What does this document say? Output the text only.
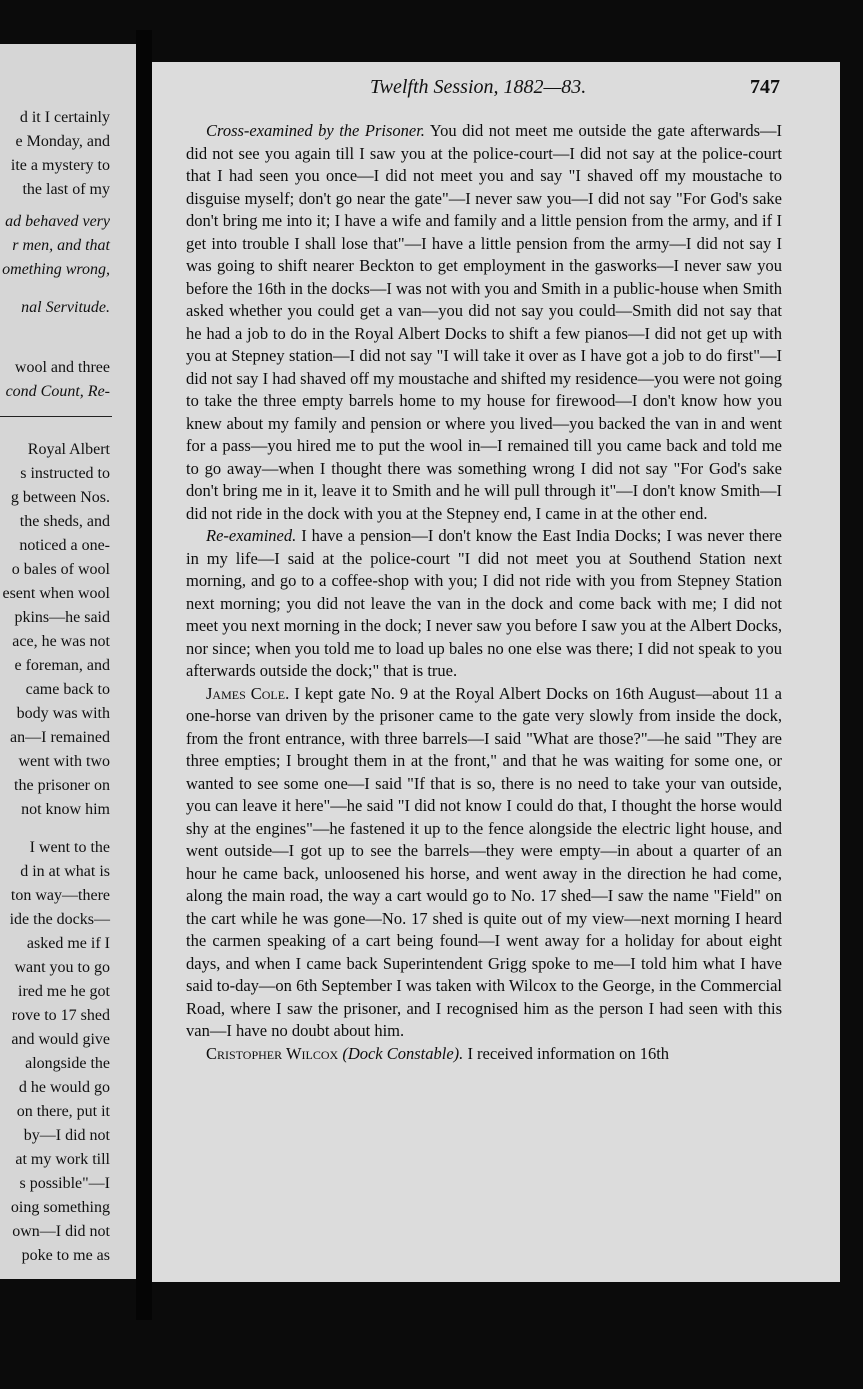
d it I certainly
e Monday, and
ite a mystery to
the last of my
ad behaved very
r men, and that
omething wrong,
nal Servitude.
wool and three
cond Count, Re-
Royal Albert
s instructed to
g between Nos.
the sheds, and
noticed a one-
o bales of wool
esent when wool
pkins—he said
ace, he was not
e foreman, and
came back to
body was with
an—I remained
went with two
the prisoner on
not know him
I went to the
d in at what is
ton way—there
ide the docks—
asked me if I
want you to go
ired me he got
rove to 17 shed
and would give
alongside the
d he would go
on there, put it
by—I did not
at my work till
s possible"—I
oing something
own—I did not
poke to me as
Twelfth Session, 1882—83.	747

Cross-examined by the Prisoner. You did not meet me outside the gate afterwards—I did not see you again till I saw you at the police-court—I did not say at the police-court that I had seen you once—I did not meet you and say "I shaved off my moustache to disguise myself; don't go near the gate"—I never saw you—I did not say "For God's sake don't bring me into it; I have a wife and family and a little pension from the army, and if I get into trouble I shall lose that"—I have a little pension from the army—I did not say I was going to shift nearer Beckton to get employment in the gasworks—I never saw you before the 16th in the docks—I was not with you and Smith in a public-house when Smith asked whether you could get a van—you did not say you could—Smith did not say that he had a job to do in the Royal Albert Docks to shift a few pianos—I did not get up with you at Stepney station—I did not say "I will take it over as I have got a job to do first"—I did not say I had shaved off my moustache and shifted my residence—you were not going to take the three empty barrels home to my house for firewood—I don't know how you knew about my family and pension or where you lived—you backed the van in and went for a pass—you hired me to put the wool in—I remained till you came back and told me to go away—when I thought there was something wrong I did not say "For God's sake don't bring me in it, leave it to Smith and he will pull through it"—I don't know Smith—I did not ride in the dock with you at the Stepney end, I came in at the other end.

Re-examined. I have a pension—I don't know the East India Docks; I was never there in my life—I said at the police-court "I did not meet you at Southend Station next morning, and go to a coffee-shop with you; I did not ride with you from Stepney Station next morning; you did not leave the van in the dock and come back with me; I did not meet you next morning in the dock; I never saw you before I saw you at the Albert Docks, nor since; when you told me to load up bales no one else was there; I did not speak to you afterwards outside the dock;" that is true.

James Cole. I kept gate No. 9 at the Royal Albert Docks on 16th August—about 11 a one-horse van driven by the prisoner came to the gate very slowly from inside the dock, from the front entrance, with three barrels—I said "What are those?"—he said "They are three empties; I brought them in at the front," and that he was waiting for some one, or wanted to see some one—I said "If that is so, there is no need to take your van outside, you can leave it here"—he said "I did not know I could do that, I thought the horse would shy at the engines"—he fastened it up to the fence alongside the electric light house, and went outside—I got up to see the barrels—they were empty—in about a quarter of an hour he came back, unloosened his horse, and went away in the direction he had come, along the main road, the way a cart would go to No. 17 shed—I saw the name "Field" on the cart while he was gone—No. 17 shed is quite out of my view—next morning I heard the carmen speaking of a cart being found—I went away for a holiday for about eight days, and when I came back Superintendent Grigg spoke to me—I told him what I have said to-day—on 6th September I was taken with Wilcox to the George, in the Commercial Road, where I saw the prisoner, and I recognised him as the person I had seen with this van—I have no doubt about him.

Cristopher Wilcox (Dock Constable). I received information on 16th
